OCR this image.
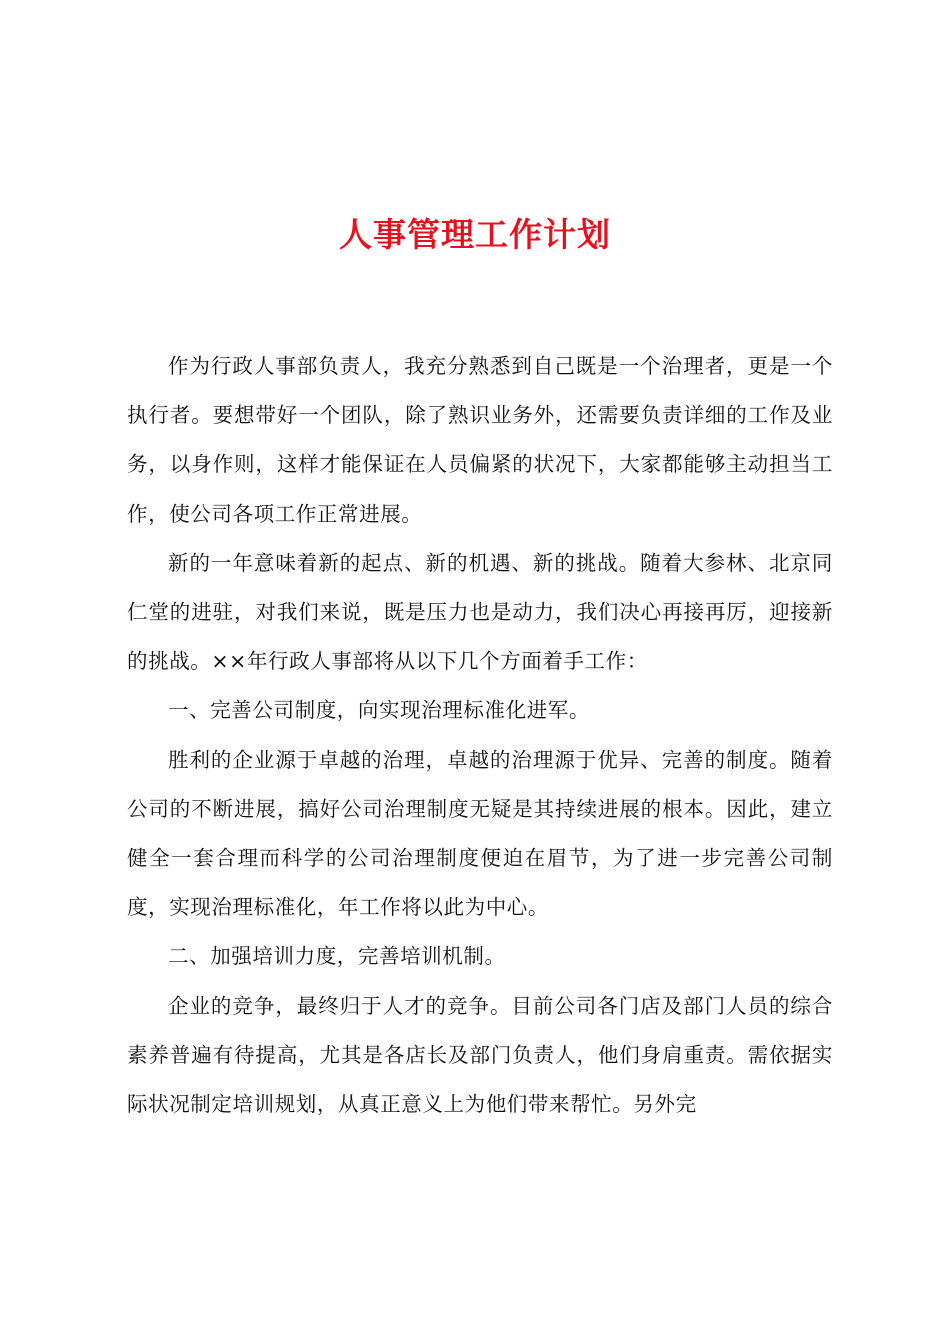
人事管理工作计划

作为行政人事部负责人，我充分熟悉到自己既是一个治理者，更是一个执行者。要想带好一个团队，除了熟识业务外，还需要负责详细的工作及业务，以身作则，这样才能保证在人员偏紧的状况下，大家都能够主动担当工作，使公司各项工作正常进展。

新的一年意味着新的起点、新的机遇、新的挑战。随着大参林、北京同仁堂的进驻，对我们来说，既是压力也是动力，我们决心再接再厉，迎接新的挑战。××年行政人事部将从以下几个方面着手工作：

一、完善公司制度，向实现治理标准化进军。

胜利的企业源于卓越的治理，卓越的治理源于优异、完善的制度。随着公司的不断进展，搞好公司治理制度无疑是其持续进展的根本。因此，建立健全一套合理而科学的公司治理制度便迫在眉节，为了进一步完善公司制度，实现治理标准化，年工作将以此为中心。

二、加强培训力度，完善培训机制。

企业的竞争，最终归于人才的竞争。目前公司各门店及部门人员的综合素养普遍有待提高，尤其是各店长及部门负责人，他们身肩重责。需依据实际状况制定培训规划，从真正意义上为他们带来帮忙。另外完
